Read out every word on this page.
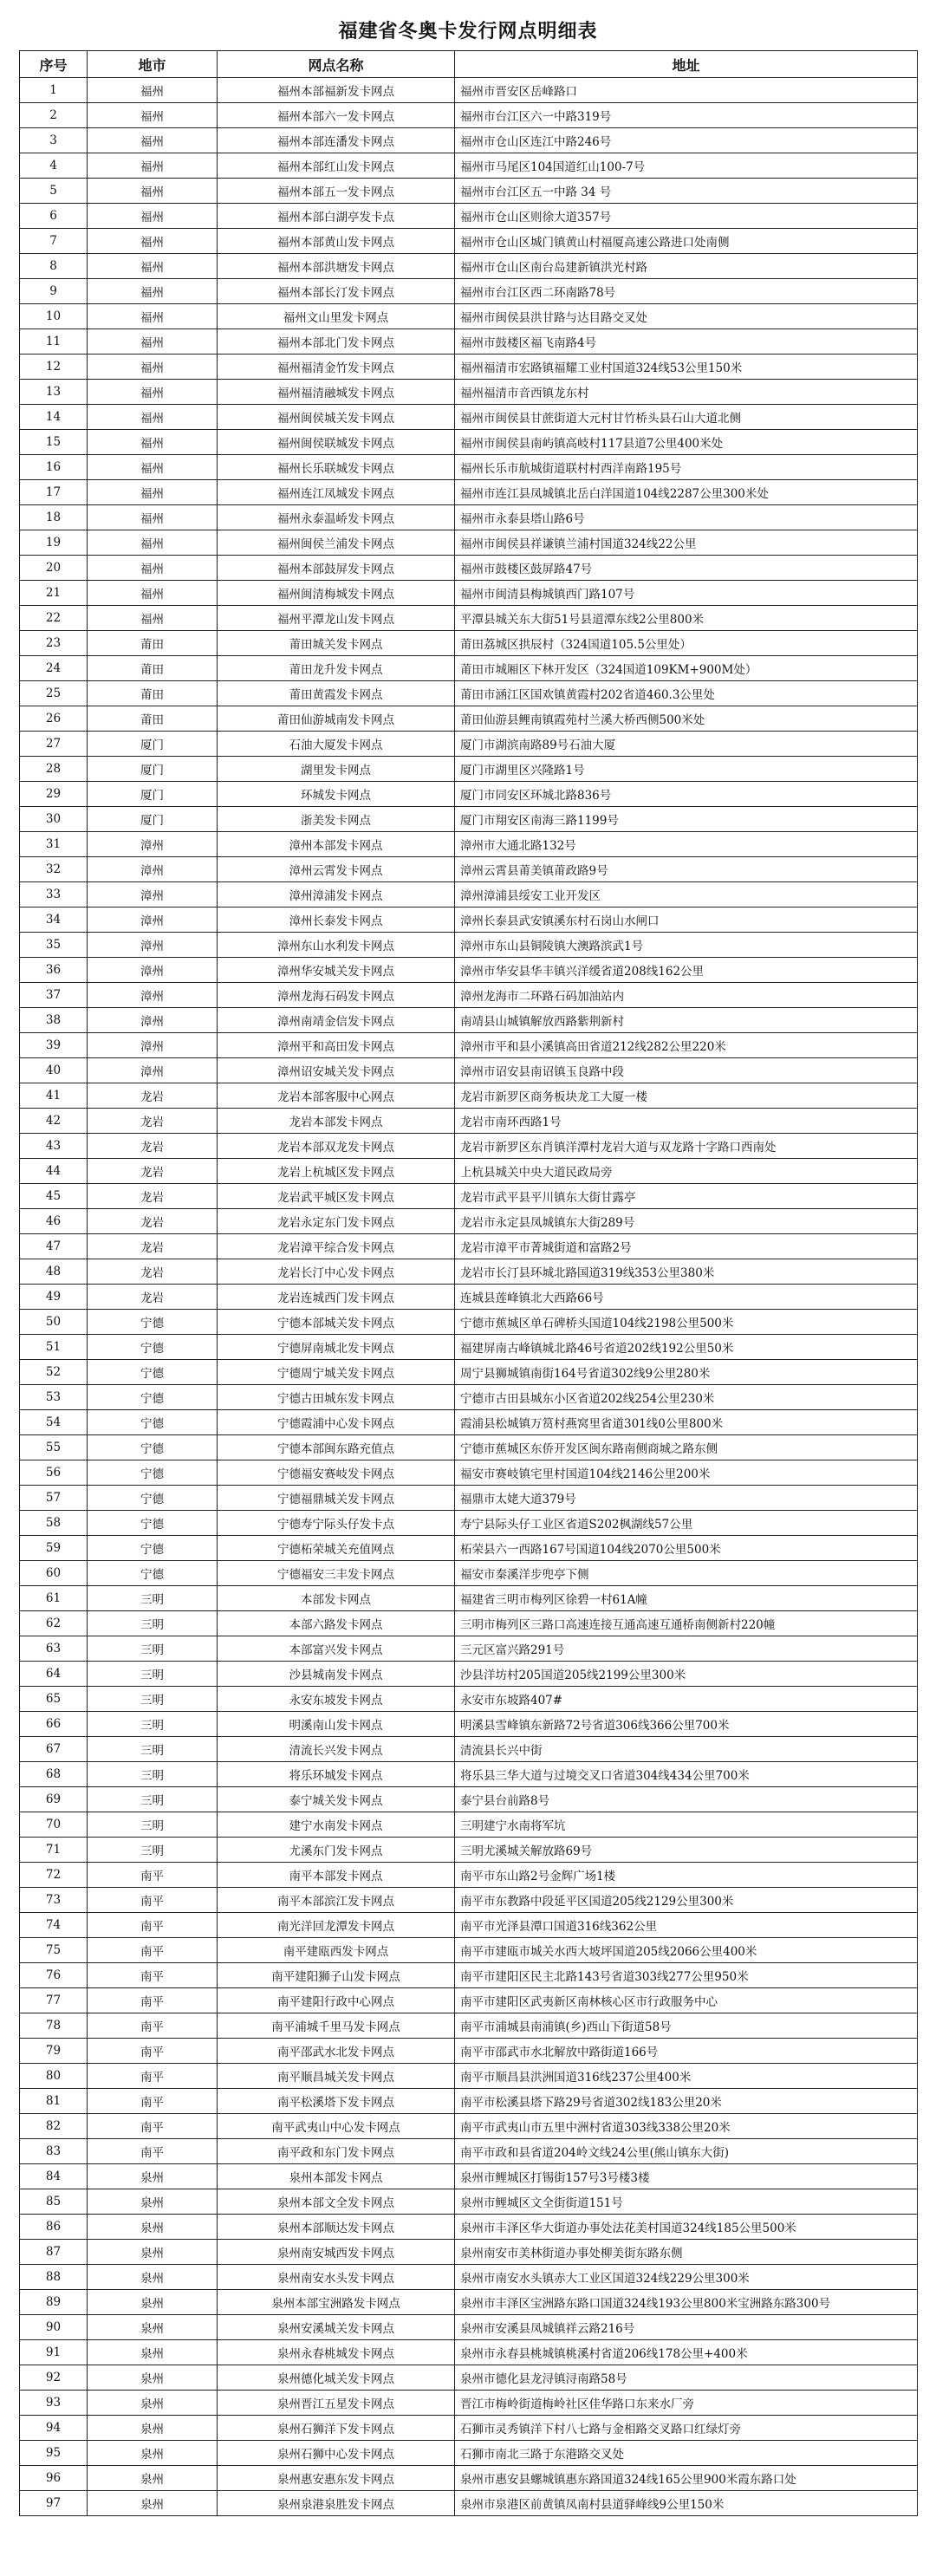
福建省冬奥卡发行网点明细表
序号	地市	网点名称	地址
1	福州	福州本部福新发卡网点	福州市晋安区岳峰路口
2	福州	福州本部六一发卡网点	福州市台江区六一中路319号
3	福州	福州本部连潘发卡网点	福州市仓山区连江中路246号
4	福州	福州本部红山发卡网点	福州市马尾区104国道红山100-7号
5	福州	福州本部五一发卡网点	福州市台江区五一中路 34 号
6	福州	福州本部白湖亭发卡点	福州市仓山区则徐大道357号
7	福州	福州本部黄山发卡网点	福州市仓山区城门镇黄山村福厦高速公路进口处南侧
8	福州	福州本部洪塘发卡网点	福州市仓山区南台岛建新镇洪光村路
9	福州	福州本部长汀发卡网点	福州市台江区西二环南路78号
10	福州	福州文山里发卡网点	福州市闽侯县洪甘路与达目路交叉处
11	福州	福州本部北门发卡网点	福州市鼓楼区福飞南路4号
12	福州	福州福清金竹发卡网点	福州福清市宏路镇福耀工业村国道324线53公里150米
13	福州	福州福清融城发卡网点	福州福清市音西镇龙东村
14	福州	福州闽侯城关发卡网点	福州市闽侯县甘蔗街道大元村甘竹桥头县石山大道北侧
15	福州	福州闽侯联城发卡网点	福州市闽侯县南屿镇高岐村117县道7公里400米处
16	福州	福州长乐联城发卡网点	福州长乐市航城街道联村村西洋南路195号
17	福州	福州连江凤城发卡网点	福州市连江县凤城镇北岳白洋国道104线2287公里300米处
18	福州	福州永泰温峤发卡网点	福州市永泰县塔山路6号
19	福州	福州闽侯兰浦发卡网点	福州市闽侯县祥谦镇兰浦村国道324线22公里
20	福州	福州本部鼓屏发卡网点	福州市鼓楼区鼓屏路47号
21	福州	福州闽清梅城发卡网点	福州市闽清县梅城镇西门路107号
22	福州	福州平潭龙山发卡网点	平潭县城关东大街51号县道潭东线2公里800米
23	莆田	莆田城关发卡网点	莆田荔城区拱辰村（324国道105.5公里处）
24	莆田	莆田龙升发卡网点	莆田市城厢区下林开发区（324国道109KM+900M处）
25	莆田	莆田黄霞发卡网点	莆田市涵江区国欢镇黄霞村202省道460.3公里处
26	莆田	莆田仙游城南发卡网点	莆田仙游县鲤南镇霞苑村兰溪大桥西侧500米处
27	厦门	石油大厦发卡网点	厦门市湖滨南路89号石油大厦
28	厦门	湖里发卡网点	厦门市湖里区兴隆路1号
29	厦门	环城发卡网点	厦门市同安区环城北路836号
30	厦门	浙美发卡网点	厦门市翔安区南海三路1199号
31	漳州	漳州本部发卡网点	漳州市大通北路132号
32	漳州	漳州云霄发卡网点	漳州云霄县莆美镇莆政路9号
33	漳州	漳州漳浦发卡网点	漳州漳浦县绥安工业开发区
34	漳州	漳州长泰发卡网点	漳州长泰县武安镇溪东村石岗山水闸口
35	漳州	漳州东山水利发卡网点	漳州市东山县铜陵镇大澳路滨武1号
36	漳州	漳州华安城关发卡网点	漳州市华安县华丰镇兴洋缓省道208线162公里
37	漳州	漳州龙海石码发卡网点	漳州龙海市二环路石码加油站内
38	漳州	漳州南靖金信发卡网点	南靖县山城镇解放西路紫荆新村
39	漳州	漳州平和高田发卡网点	漳州市平和县小溪镇高田省道212线282公里220米
40	漳州	漳州诏安城关发卡网点	漳州市诏安县南诏镇玉良路中段
41	龙岩	龙岩本部客服中心网点	龙岩市新罗区商务板块龙工大厦一楼
42	龙岩	龙岩本部发卡网点	龙岩市南环西路1号
43	龙岩	龙岩本部双龙发卡网点	龙岩市新罗区东肖镇洋潭村龙岩大道与双龙路十字路口西南处
44	龙岩	龙岩上杭城区发卡网点	上杭县城关中央大道民政局旁
45	龙岩	龙岩武平城区发卡网点	龙岩市武平县平川镇东大街甘露亭
46	龙岩	龙岩永定东门发卡网点	龙岩市永定县凤城镇东大街289号
47	龙岩	龙岩漳平综合发卡网点	龙岩市漳平市菁城街道和富路2号
48	龙岩	龙岩长汀中心发卡网点	龙岩市长汀县环城北路国道319线353公里380米
49	龙岩	龙岩连城西门发卡网点	连城县莲峰镇北大西路66号
50	宁德	宁德本部城关发卡网点	宁德市蕉城区单石碑桥头国道104线2198公里500米
51	宁德	宁德屏南城北发卡网点	福建屏南古峰镇城北路46号省道202线192公里50米
52	宁德	宁德周宁城关发卡网点	周宁县狮城镇南街164号省道302线9公里280米
53	宁德	宁德古田城东发卡网点	宁德市古田县城东小区省道202线254公里230米
54	宁德	宁德霞浦中心发卡网点	霞浦县松城镇万筼村燕窝里省道301线0公里800米
55	宁德	宁德本部闽东路充值点	宁德市蕉城区东侨开发区闽东路南侧商城之路东侧
56	宁德	宁德福安赛岐发卡网点	福安市赛岐镇宅里村国道104线2146公里200米
57	宁德	宁德福鼎城关发卡网点	福鼎市太姥大道379号
58	宁德	宁德寿宁际头仔发卡点	寿宁县际头仔工业区省道S202枫湖线57公里
59	宁德	宁德柘荣城关充值网点	柘荣县六一西路167号国道104线2070公里500米
60	宁德	宁德福安三丰发卡网点	福安市秦溪洋步兜亭下侧
61	三明	本部发卡网点	福建省三明市梅列区徐碧一村61A幢
62	三明	本部六路发卡网点	三明市梅列区三路口高速连接互通高速互通桥南侧新村220幢
63	三明	本部富兴发卡网点	三元区富兴路291号
64	三明	沙县城南发卡网点	沙县洋坊村205国道205线2199公里300米
65	三明	永安东坡发卡网点	永安市东坡路407#
66	三明	明溪南山发卡网点	明溪县雪峰镇东新路72号省道306线366公里700米
67	三明	清流长兴发卡网点	清流县长兴中街
68	三明	将乐环城发卡网点	将乐县三华大道与过境交叉口省道304线434公里700米
69	三明	泰宁城关发卡网点	泰宁县台前路8号
70	三明	建宁水南发卡网点	三明建宁水南将军坑
71	三明	尤溪东门发卡网点	三明尤溪城关解放路69号
72	南平	南平本部发卡网点	南平市东山路2号金辉广场1楼
73	南平	南平本部滨江发卡网点	南平市东教路中段延平区国道205线2129公里300米
74	南平	南光洋回龙潭发卡网点	南平市光泽县潭口国道316线362公里
75	南平	南平建瓯西发卡网点	南平市建瓯市城关水西大坡坪国道205线2066公里400米
76	南平	南平建阳狮子山发卡网点	南平市建阳区民主北路143号省道303线277公里950米
77	南平	南平建阳行政中心网点	南平市建阳区武夷新区南林核心区市行政服务中心
78	南平	南平浦城千里马发卡网点	南平市浦城县南浦镇(乡)西山下街道58号
79	南平	南平邵武水北发卡网点	南平市邵武市水北解放中路街道166号
80	南平	南平顺昌城关发卡网点	南平市顺昌县洪洲国道316线237公里400米
81	南平	南平松溪塔下发卡网点	南平市松溪县塔下路29号省道302线183公里20米
82	南平	南平武夷山中心发卡网点	南平市武夷山市五里中洲村省道303线338公里20米
83	南平	南平政和东门发卡网点	南平市政和县省道204岭文线24公里(熊山镇东大街)
84	泉州	泉州本部发卡网点	泉州市鲤城区打锡街157号3号楼3楼
85	泉州	泉州本部文全发卡网点	泉州市鲤城区文全街街道151号
86	泉州	泉州本部顺达发卡网点	泉州市丰泽区华大街道办事处法花美村国道324线185公里500米
87	泉州	泉州南安城西发卡网点	泉州南安市美林街道办事处柳美街东路东侧
88	泉州	泉州南安水头发卡网点	泉州市南安水头镇赤大工业区国道324线229公里300米
89	泉州	泉州本部宝洲路发卡网点	泉州市丰泽区宝洲路东路口国道324线193公里800米宝洲路东路300号
90	泉州	泉州安溪城关发卡网点	泉州市安溪县凤城镇祥云路216号
91	泉州	泉州永春桃城发卡网点	泉州市永春县桃城镇桃溪村省道206线178公里+400米
92	泉州	泉州德化城关发卡网点	泉州市德化县龙浔镇浔南路58号
93	泉州	泉州晋江五星发卡网点	晋江市梅岭街道梅岭社区佳华路口东来水厂旁
94	泉州	泉州石狮洋下发卡网点	石狮市灵秀镇洋下村八七路与金相路交叉路口红绿灯旁
95	泉州	泉州石狮中心发卡网点	石狮市南北三路于东港路交叉处
96	泉州	泉州惠安惠东发卡网点	泉州市惠安县螺城镇惠东路国道324线165公里900米霞东路口处
97	泉州	泉州泉港泉胜发卡网点	泉州市泉港区前黄镇凤南村县道驿峰线9公里150米
